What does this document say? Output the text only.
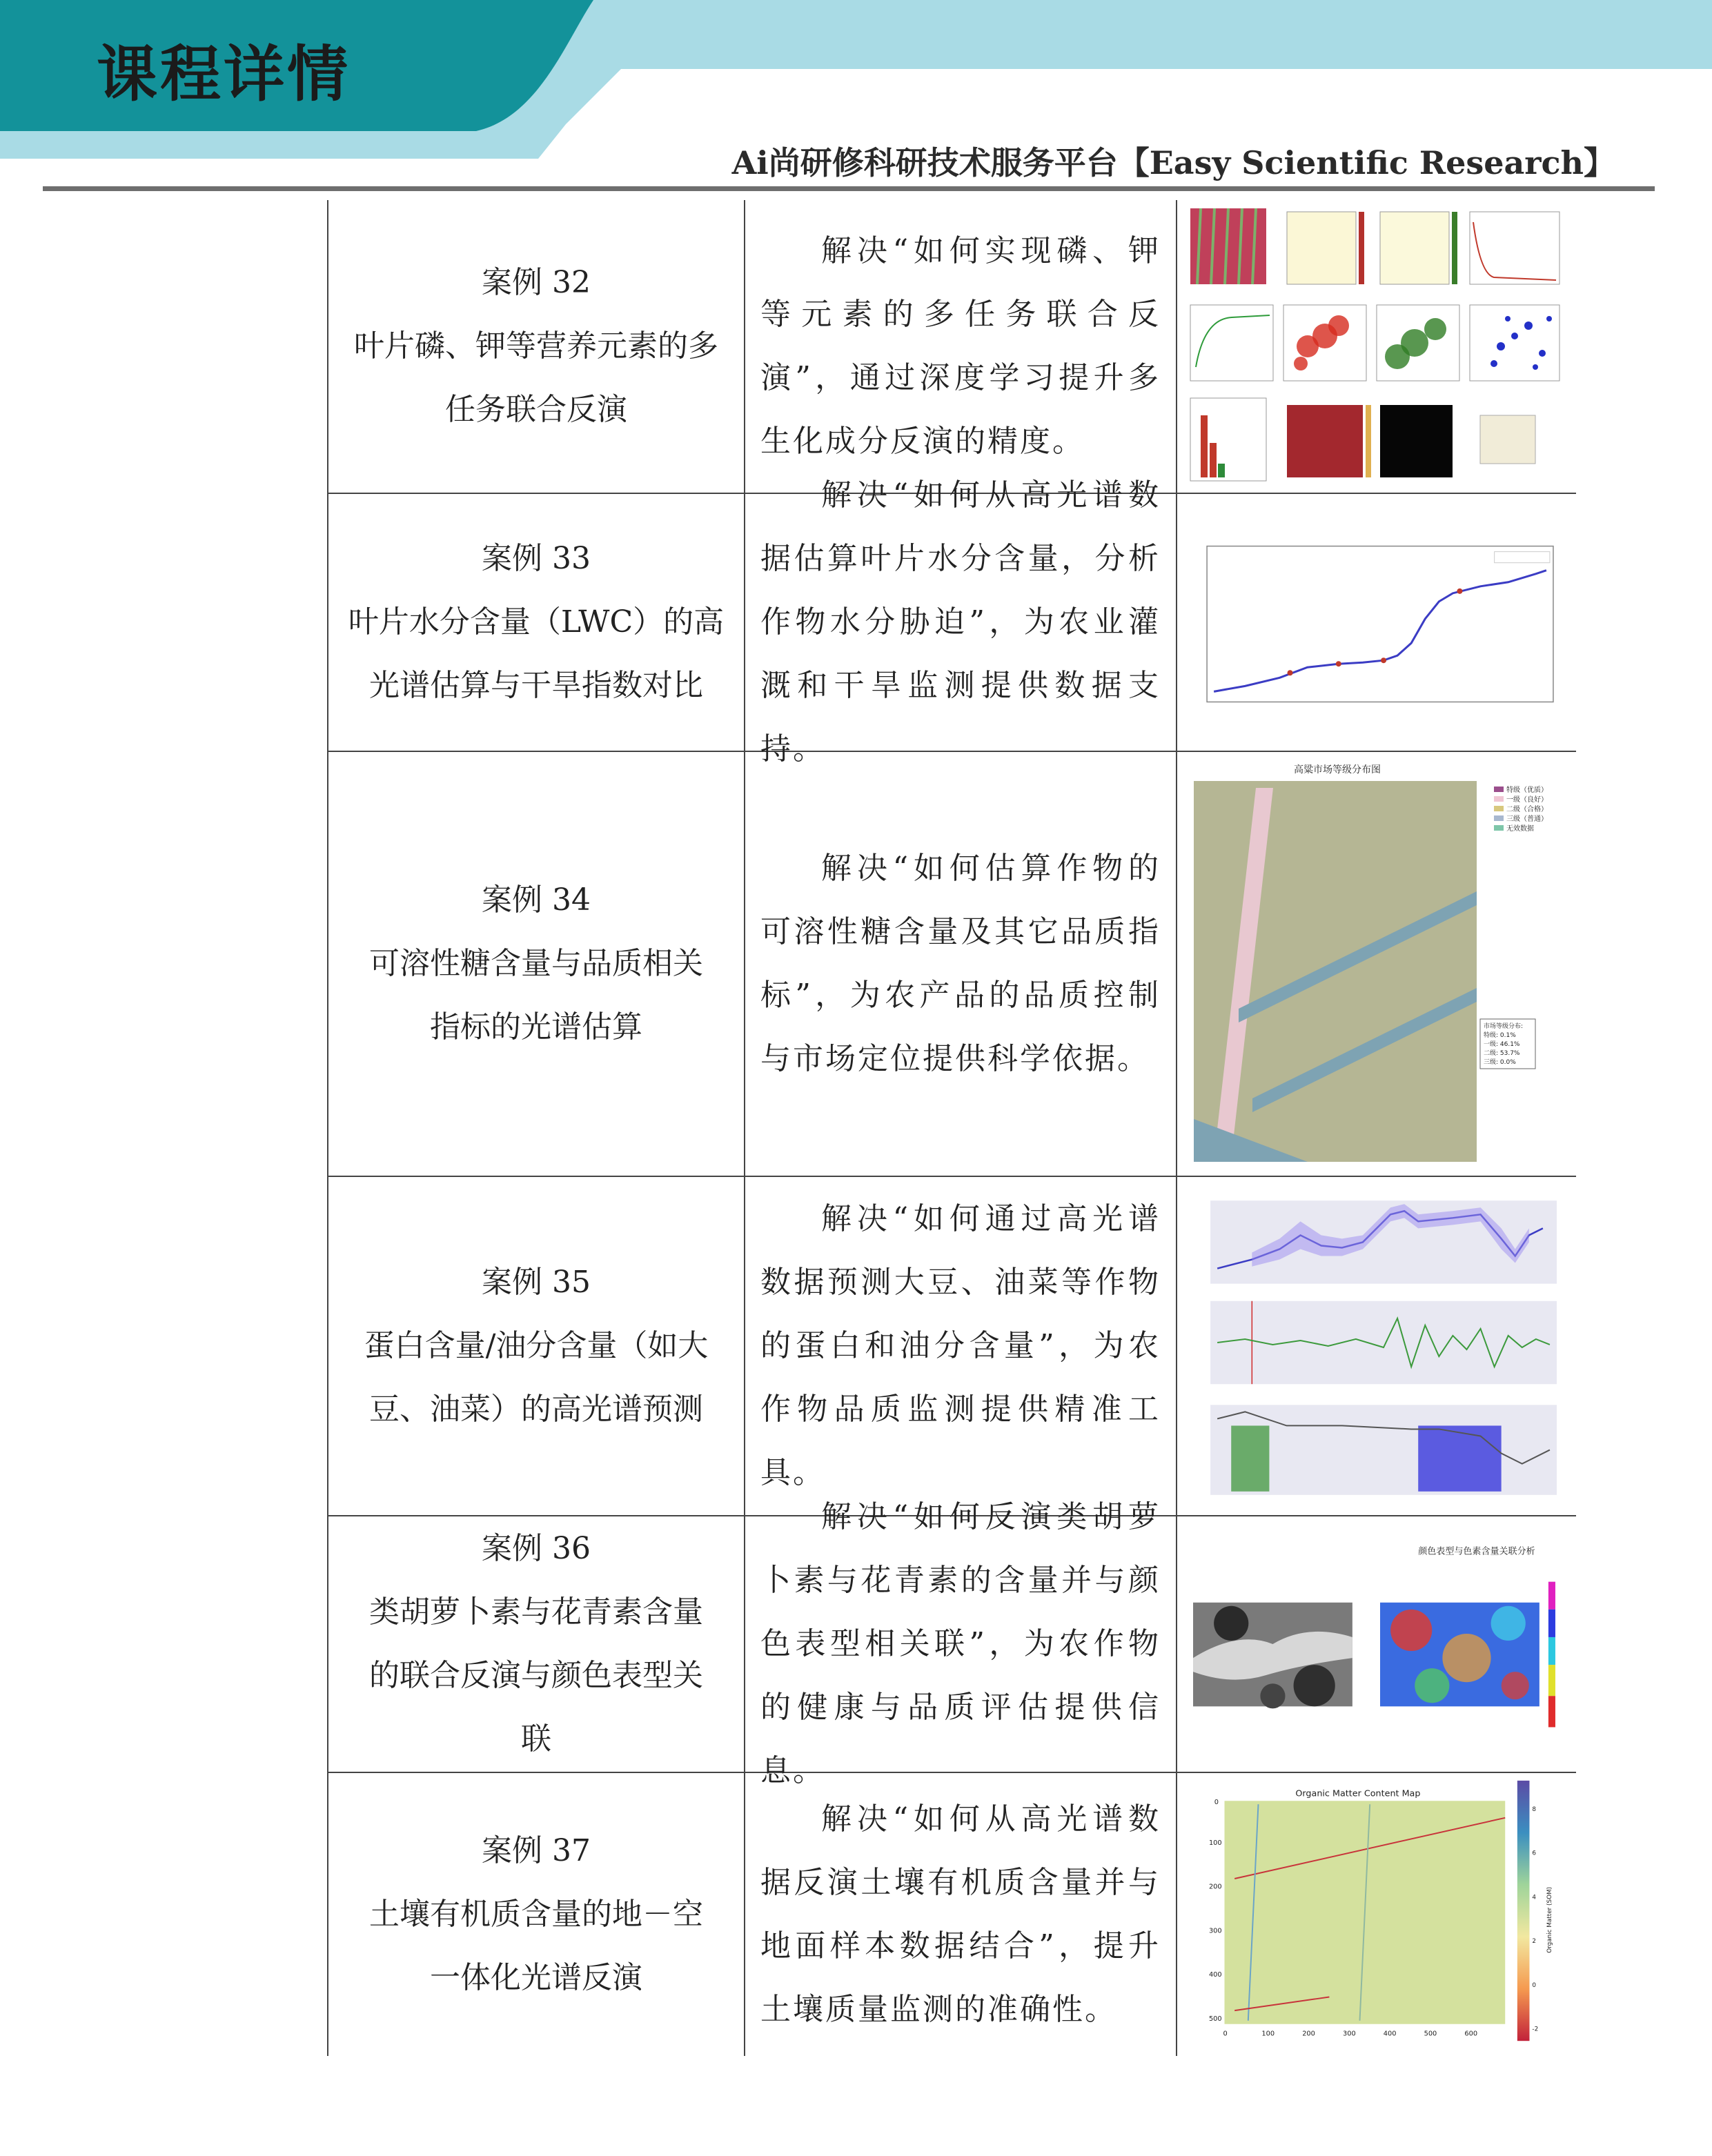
课程详情
Ai尚研修科研技术服务平台【Easy Scientific Research】
案例 32
叶片磷、钾等营养元素的多
任务联合反演
解决“如何实现磷、钾等元素的多任务联合反演”，通过深度学习提升多生化成分反演的精度。
案例 33
叶片水分含量（LWC）的高
光谱估算与干旱指数对比
解决“如何从高光谱数据估算叶片水分含量，分析作物水分胁迫”，为农业灌溉和干旱监测提供数据支持。
案例 34
可溶性糖含量与品质相关
指标的光谱估算
解决“如何估算作物的可溶性糖含量及其它品质指标”，为农产品的品质控制与市场定位提供科学依据。
高粱市场等级分布图
特级（优质）
一级（良好）
二级（合格）
三级（普通）
无效数据
市场等级分布:
特级: 0.1%
一级: 46.1%
二级: 53.7%
三级: 0.0%
案例 35
蛋白含量/油分含量（如大
豆、油菜）的高光谱预测
解决“如何通过高光谱数据预测大豆、油菜等作物的蛋白和油分含量”，为农作物品质监测提供精准工具。
案例 36
类胡萝卜素与花青素含量
的联合反演与颜色表型关
联
解决“如何反演类胡萝卜素与花青素的含量并与颜色表型相关联”，为农作物的健康与品质评估提供信息。
颜色表型与色素含量关联分析
案例 37
土壤有机质含量的地－空
一体化光谱反演
解决“如何从高光谱数据反演土壤有机质含量并与地面样本数据结合”，提升土壤质量监测的准确性。
Organic Matter Content Map
0
100
200
300
400
500
0	100	200	300	400	500	600
8
6
4
2
0
-2
Organic Matter (SOM)
